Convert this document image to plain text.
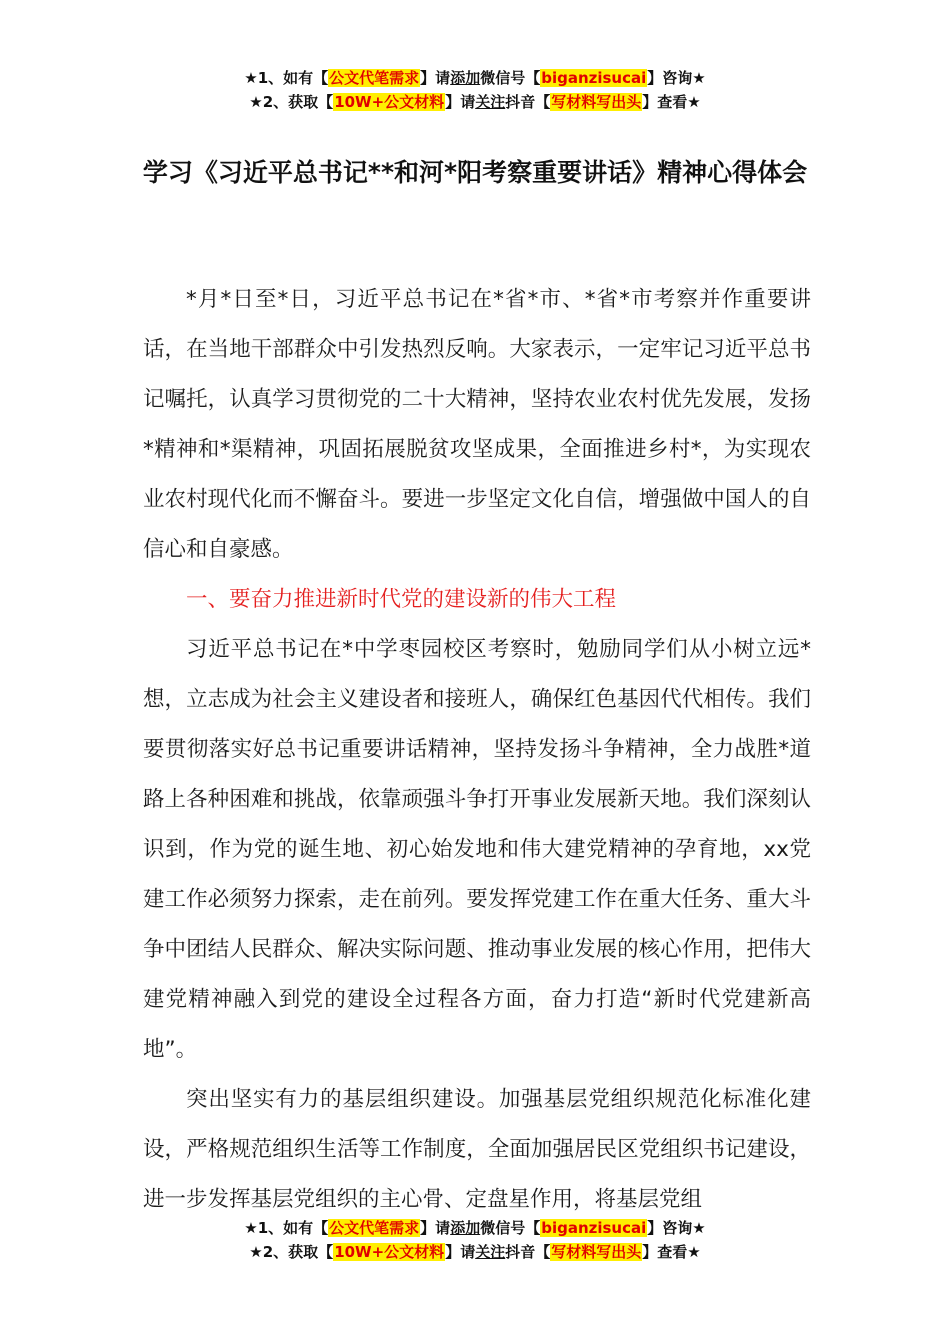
★1、如有【公文代笔需求】请添加微信号【biganzisucai】咨询★
★2、获取【10W+公文材料】请关注抖音【写材料写出头】查看★
学习《习近平总书记**和河*阳考察重要讲话》精神心得体会

*月*日至*日，习近平总书记在*省*市、*省*市考察并作重要讲话，在当地干部群众中引发热烈反响。大家表示，一定牢记习近平总书记嘱托，认真学习贯彻党的二十大精神，坚持农业农村优先发展，发扬*精神和*渠精神，巩固拓展脱贫攻坚成果，全面推进乡村*，为实现农业农村现代化而不懈奋斗。要进一步坚定文化自信，增强做中国人的自信心和自豪感。

一、要奋力推进新时代党的建设新的伟大工程

习近平总书记在*中学枣园校区考察时，勉励同学们从小树立远*想，立志成为社会主义建设者和接班人，确保红色基因代代相传。我们要贯彻落实好总书记重要讲话精神，坚持发扬斗争精神，全力战胜*道路上各种困难和挑战，依靠顽强斗争打开事业发展新天地。我们深刻认识到，作为党的诞生地、初心始发地和伟大建党精神的孕育地，xx党建工作必须努力探索，走在前列。要发挥党建工作在重大任务、重大斗争中团结人民群众、解决实际问题、推动事业发展的核心作用，把伟大建党精神融入到党的建设全过程各方面，奋力打造“新时代党建新高地”。

突出坚实有力的基层组织建设。加强基层党组织规范化标准化建设，严格规范组织生活等工作制度，全面加强居民区党组织书记建设，进一步发挥基层党组织的主心骨、定盘星作用，将基层党组

★1、如有【公文代笔需求】请添加微信号【biganzisucai】咨询★
★2、获取【10W+公文材料】请关注抖音【写材料写出头】查看★
